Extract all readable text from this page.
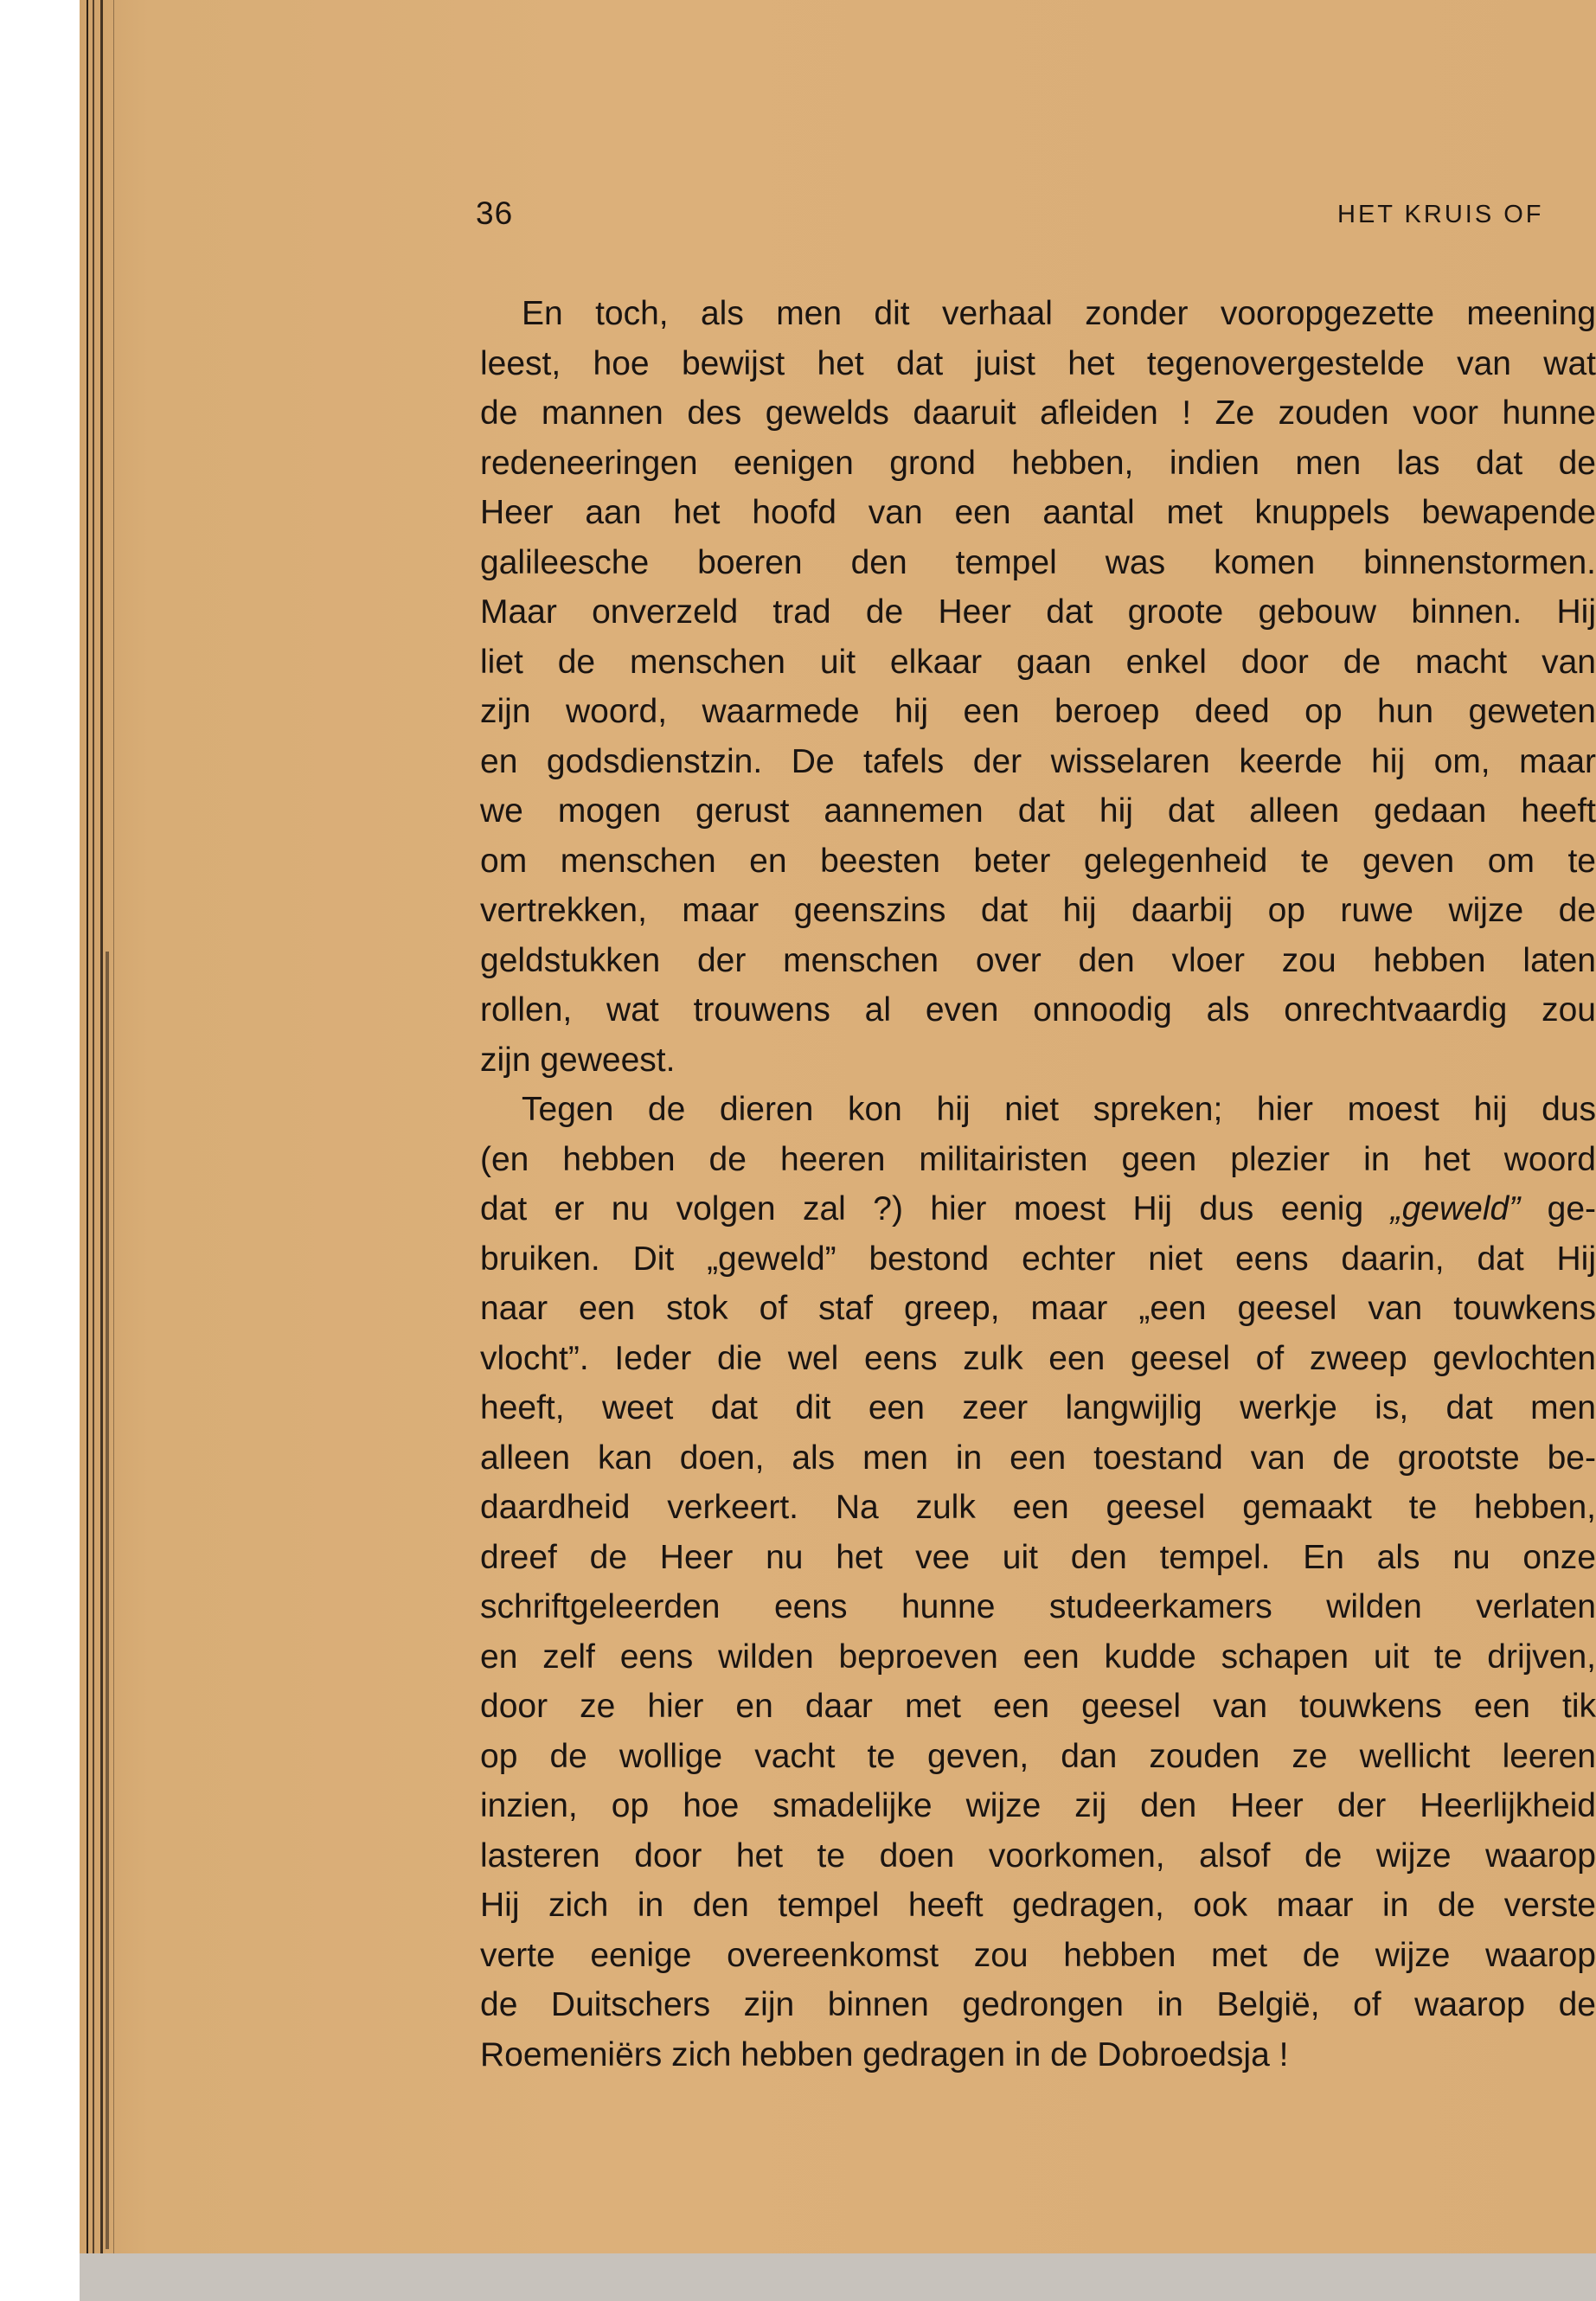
36	HET KRUIS OF
En toch, als men dit verhaal zonder vooropgezette meening
leest, hoe bewijst het dat juist het tegenovergestelde van wat
de mannen des gewelds daaruit afleiden ! Ze zouden voor hunne
redeneeringen eenigen grond hebben, indien men las dat de
Heer aan het hoofd van een aantal met knuppels bewapende
galileesche boeren den tempel was komen binnenstormen.
Maar onverzeld trad de Heer dat groote gebouw binnen. Hij
liet de menschen uit elkaar gaan enkel door de macht van
zijn woord, waarmede hij een beroep deed op hun geweten
en godsdienstzin. De tafels der wisselaren keerde hij om, maar
we mogen gerust aannemen dat hij dat alleen gedaan heeft
om menschen en beesten beter gelegenheid te geven om te
vertrekken, maar geenszins dat hij daarbij op ruwe wijze de
geldstukken der menschen over den vloer zou hebben laten
rollen, wat trouwens al even onnoodig als onrechtvaardig zou
zijn geweest.
Tegen de dieren kon hij niet spreken; hier moest hij dus
(en hebben de heeren militairisten geen plezier in het woord
dat er nu volgen zal ?) hier moest Hij dus eenig „geweld” ge-
bruiken. Dit „geweld” bestond echter niet eens daarin, dat Hij
naar een stok of staf greep, maar „een geesel van touwkens
vlocht”. Ieder die wel eens zulk een geesel of zweep gevlochten
heeft, weet dat dit een zeer langwijlig werkje is, dat men
alleen kan doen, als men in een toestand van de grootste be-
daardheid verkeert. Na zulk een geesel gemaakt te hebben,
dreef de Heer nu het vee uit den tempel. En als nu onze
schriftgeleerden eens hunne studeerkamers wilden verlaten
en zelf eens wilden beproeven een kudde schapen uit te drijven,
door ze hier en daar met een geesel van touwkens een tik
op de wollige vacht te geven, dan zouden ze wellicht leeren
inzien, op hoe smadelijke wijze zij den Heer der Heerlijkheid
lasteren door het te doen voorkomen, alsof de wijze waarop
Hij zich in den tempel heeft gedragen, ook maar in de verste
verte eenige overeenkomst zou hebben met de wijze waarop
de Duitschers zijn binnen gedrongen in België, of waarop de
Roemeniërs zich hebben gedragen in de Dobroedsja !
